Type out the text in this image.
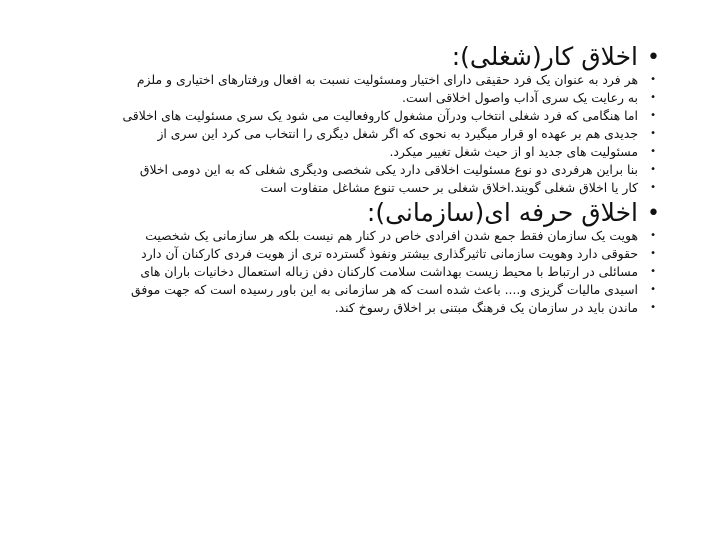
•
اخلاق کار(شغلی):
•
هر فرد به عنوان یک فرد حقیقی دارای اختیار ومسئولیت نسبت به افعال ورفتارهای اختیاری و ملزم
•
به رعایت یک سری آداب واصول اخلاقی است.
•
اما هنگامی که فرد شغلی انتخاب ودرآن مشغول کاروفعالیت می شود یک سری مسئولیت های اخلاقی
•
جدیدی هم بر عهده او قرار میگیرد به نحوی که اگر شغل دیگری را انتخاب می کرد این سری از
•
مسئولیت های جدید او از حیث شغل تغییر میکرد.
•
بنا براین هرفردی دو نوع مسئولیت اخلاقی دارد یکی شخصی ودیگری شغلی که به این دومی اخلاق
•
کار یا اخلاق شغلی گویند.اخلاق شغلی بر حسب تنوع مشاغل متفاوت است
•
اخلاق حرفه ای(سازمانی):
•
هویت یک سازمان فقط جمع شدن افرادی خاص در کنار هم نیست بلکه هر سازمانی یک شخصیت
•
حقوقی دارد وهویت سازمانی تاثیرگذاری بیشتر ونفوذ گسترده تری از هویت فردی کارکنان آن دارد
•
مسائلی در ارتباط با محیط زیست بهداشت سلامت کارکنان دفن زباله استعمال دخانیات باران های
•
اسیدی مالیات گریزی و.... باعث شده است که هر سازمانی به این باور رسیده است که جهت موفق
•
ماندن باید در سازمان یک فرهنگ مبتنی بر اخلاق رسوخ کند.
